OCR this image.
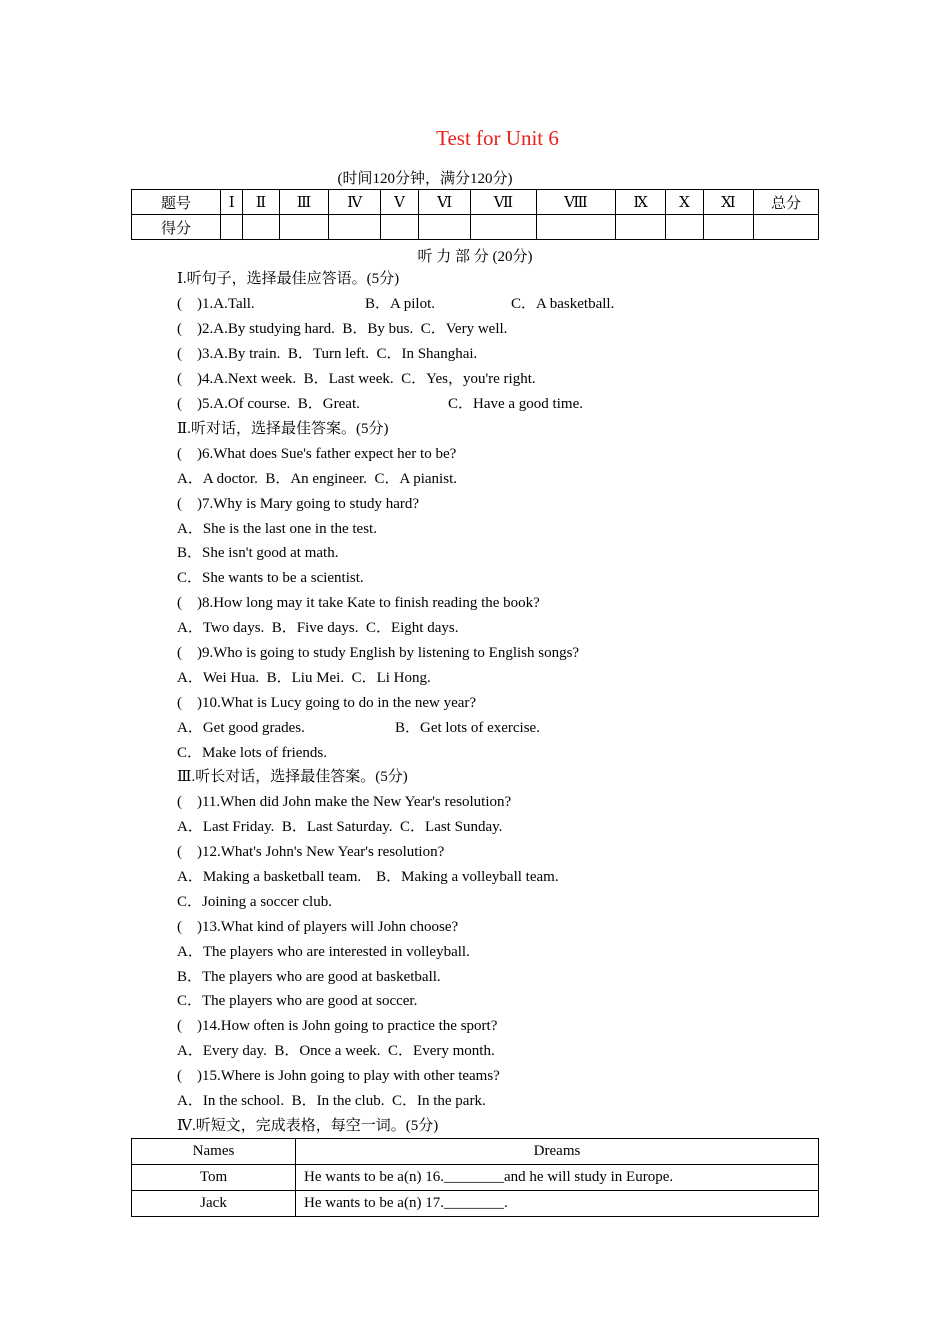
Test for Unit 6
(时间120分钟，满分120分)
题号	Ⅰ	Ⅱ	Ⅲ	Ⅳ	Ⅴ	Ⅵ	Ⅶ	Ⅷ	Ⅸ	Ⅹ	Ⅺ	总分
得分												
听 力 部 分 (20分)
Ⅰ.听句子，选择最佳应答语。(5分)
(　)1.A.Tall.	B．A pilot.	C．A basketball.
(　)2.A.By studying hard.  B．By bus.  C．Very well.
(　)3.A.By train.  B．Turn left.  C．In Shanghai.
(　)4.A.Next week.  B．Last week.  C．Yes，you're right.
(　)5.A.Of course.  B．Great.	C．Have a good time.
Ⅱ.听对话，选择最佳答案。(5分)
(　)6.What does Sue's father expect her to be?
A．A doctor.  B．An engineer.  C．A pianist.
(　)7.Why is Mary going to study hard?
A．She is the last one in the test.
B．She isn't good at math.
C．She wants to be a scientist.
(　)8.How long may it take Kate to finish reading the book?
A．Two days.  B．Five days.  C．Eight days.
(　)9.Who is going to study English by listening to English songs?
A．Wei Hua.  B．Liu Mei.  C．Li Hong.
(　)10.What is Lucy going to do in the new year?
A．Get good grades.	B．Get lots of exercise.
C．Make lots of friends.
Ⅲ.听长对话，选择最佳答案。(5分)
(　)11.When did John make the New Year's resolution?
A．Last Friday.  B．Last Saturday.  C．Last Sunday.
(　)12.What's John's New Year's resolution?
A．Making a basketball team.    B．Making a volleyball team.
C．Joining a soccer club.
(　)13.What kind of players will John choose?
A．The players who are interested in volleyball.
B．The players who are good at basketball.
C．The players who are good at soccer.
(　)14.How often is John going to practice the sport?
A．Every day.  B．Once a week.  C．Every month.
(　)15.Where is John going to play with other teams?
A．In the school.  B．In the club.  C．In the park.
Ⅳ.听短文，完成表格，每空一词。(5分)
Names	Dreams
Tom	He wants to be a(n) 16.________and he will study in Europe.
Jack	He wants to be a(n) 17.________.
